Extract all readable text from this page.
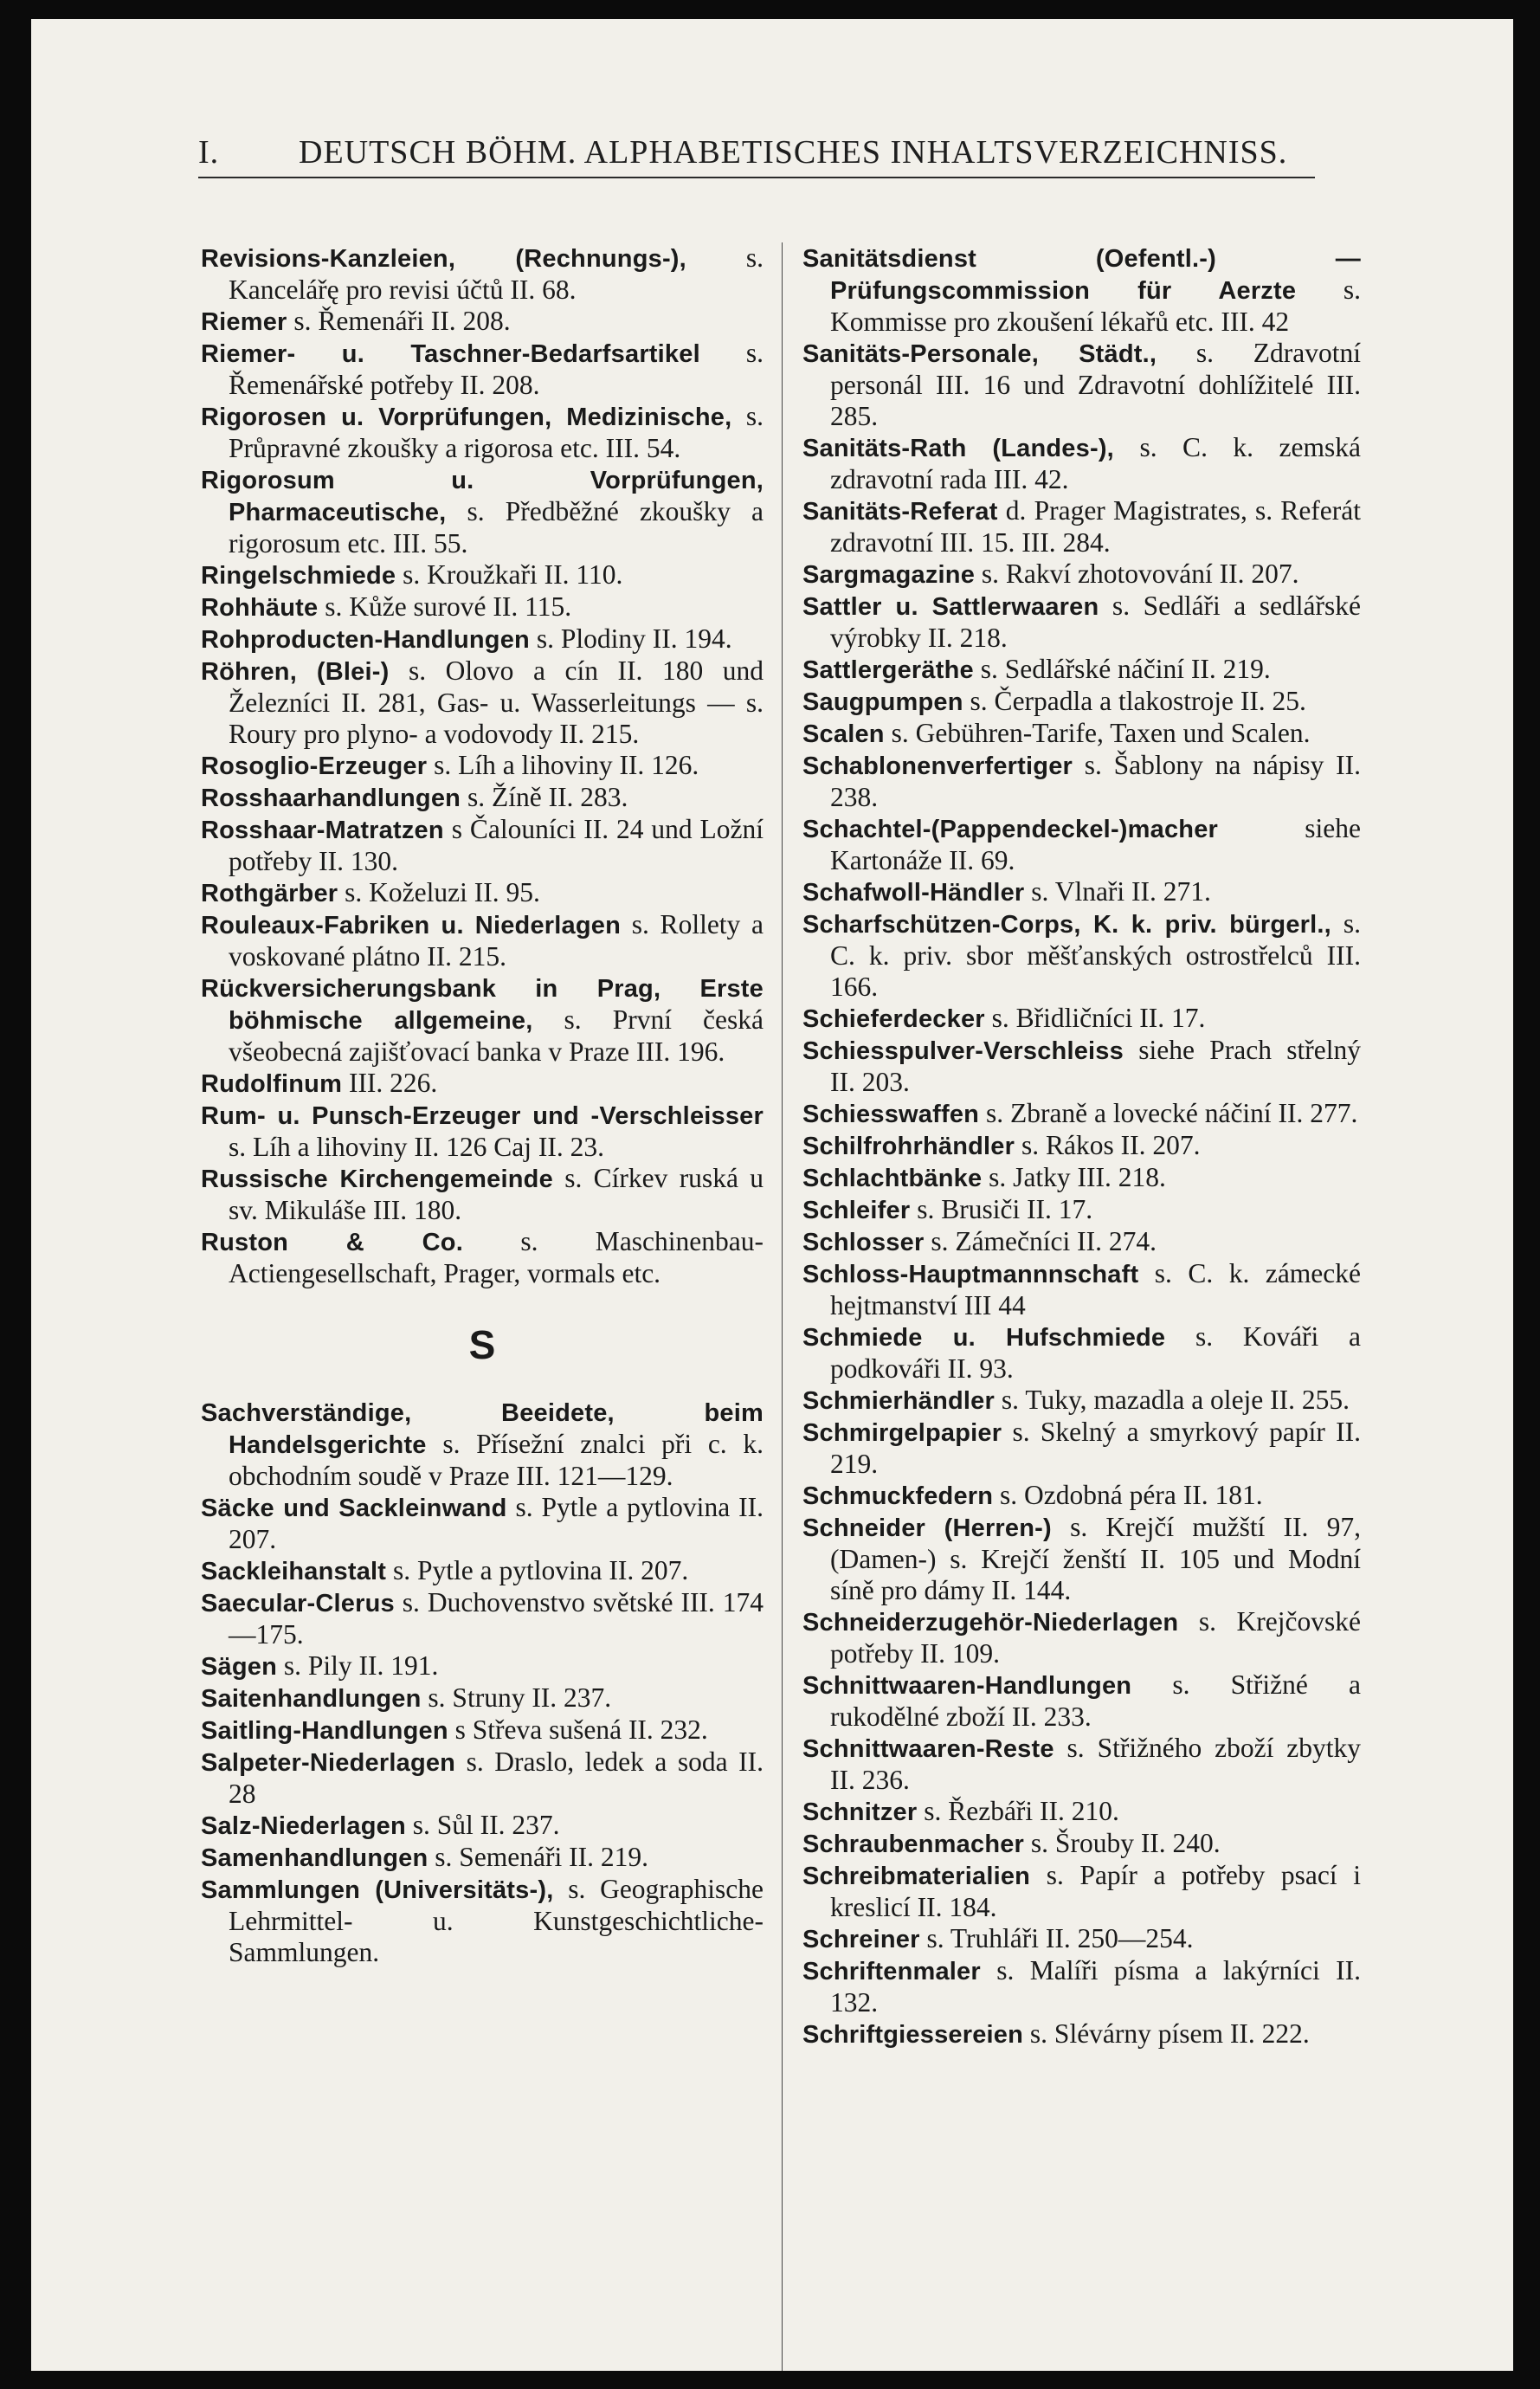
I. DEUTSCH BÖHM. ALPHABETISCHES INHALTSVERZEICHNISS.

Revisions-Kanzleien, (Rechnungs-), s. Kancelářę pro revisi účtů II. 68.

Riemer s. Řemenáři II. 208.

Riemer- u. Taschner-Bedarfsartikel s. Řemenářské potřeby II. 208.

Rigorosen u. Vorprüfungen, Medizinische, s. Průpravné zkoušky a rigorosa etc. III. 54.

Rigorosum u. Vorprüfungen, Pharmaceutische, s. Předběžné zkoušky a rigorosum etc. III. 55.

Ringelschmiede s. Kroužkaři II. 110.

Rohhäute s. Kůže surové II. 115.

Rohproducten-Handlungen s. Plodiny II. 194.

Röhren, (Blei-) s. Olovo a cín II. 180 und Železníci II. 281, Gas- u. Wasserleitungs — s. Roury pro plyno- a vodovody II. 215.

Rosoglio-Erzeuger s. Líh a lihoviny II. 126.

Rosshaarhandlungen s. Žíně II. 283.

Rosshaar-Matratzen s Čalouníci II. 24 und Ložní potřeby II. 130.

Rothgärber s. Koželuzi II. 95.

Rouleaux-Fabriken u. Niederlagen s. Rollety a voskované plátno II. 215.

Rückversicherungsbank in Prag, Erste böhmische allgemeine, s. První česká všeobecná zajišťovací banka v Praze III. 196.

Rudolfinum III. 226.

Rum- u. Punsch-Erzeuger und -Verschleisser s. Líh a lihoviny II. 126 Caj II. 23.

Russische Kirchengemeinde s. Církev ruská u sv. Mikuláše III. 180.

Ruston & Co. s. Maschinenbau-Actiengesellschaft, Prager, vormals etc.

S

Sachverständige, Beeidete, beim Handelsgerichte s. Přísežní znalci při c. k. obchodním soudě v Praze III. 121—129.

Säcke und Sackleinwand s. Pytle a pytlovina II. 207.

Sackleihanstalt s. Pytle a pytlovina II. 207.

Saecular-Clerus s. Duchovenstvo světské III. 174—175.

Sägen s. Pily II. 191.

Saitenhandlungen s. Struny II. 237.

Saitling-Handlungen s Střeva sušená II. 232.

Salpeter-Niederlagen s. Draslo, ledek a soda II. 28

Salz-Niederlagen s. Sůl II. 237.

Samenhandlungen s. Semenáři II. 219.

Sammlungen (Universitäts-), s. Geographische Lehrmittel- u. Kunstgeschichtliche-Sammlungen.

Sanitätsdienst (Oefentl.-) — Prüfungscommission für Aerzte s. Kommisse pro zkoušení lékařů etc. III. 42

Sanitäts-Personale, Städt., s. Zdravotní personál III. 16 und Zdravotní dohlížitelé III. 285.

Sanitäts-Rath (Landes-), s. C. k. zemská zdravotní rada III. 42.

Sanitäts-Referat d. Prager Magistrates, s. Referát zdravotní III. 15. III. 284.

Sargmagazine s. Rakví zhotovování II. 207.

Sattler u. Sattlerwaaren s. Sedláři a sedlářské výrobky II. 218.

Sattlergeräthe s. Sedlářské náčiní II. 219.

Saugpumpen s. Čerpadla a tlakostroje II. 25.

Scalen s. Gebühren-Tarife, Taxen und Scalen.

Schablonenverfertiger s. Šablony na nápisy II. 238.

Schachtel-(Pappendeckel-)macher siehe Kartonáže II. 69.

Schafwoll-Händler s. Vlnaři II. 271.

Scharfschützen-Corps, K. k. priv. bürgerl., s. C. k. priv. sbor měšťanských ostrostřelců III. 166.

Schieferdecker s. Břidličníci II. 17.

Schiesspulver-Verschleiss siehe Prach střelný II. 203.

Schiesswaffen s. Zbraně a lovecké náčiní II. 277.

Schilfrohrhändler s. Rákos II. 207.

Schlachtbänke s. Jatky III. 218.

Schleifer s. Brusiči II. 17.

Schlosser s. Zámečníci II. 274.

Schloss-Hauptmannnschaft s. C. k. zámecké hejtmanství III 44

Schmiede u. Hufschmiede s. Kováři a podkováři II. 93.

Schmierhändler s. Tuky, mazadla a oleje II. 255.

Schmirgelpapier s. Skelný a smyrkový papír II. 219.

Schmuckfedern s. Ozdobná péra II. 181.

Schneider (Herren-) s. Krejčí mužští II. 97, (Damen-) s. Krejčí ženští II. 105 und Modní síně pro dámy II. 144.

Schneiderzugehör-Niederlagen s. Krejčovské potřeby II. 109.

Schnittwaaren-Handlungen s. Střižné a rukodělné zboží II. 233.

Schnittwaaren-Reste s. Střižného zboží zbytky II. 236.

Schnitzer s. Řezbáři II. 210.

Schraubenmacher s. Šrouby II. 240.

Schreibmaterialien s. Papír a potřeby psací i kreslicí II. 184.

Schreiner s. Truhláři II. 250—254.

Schriftenmaler s. Malíři písma a lakýrníci II. 132.

Schriftgiessereien s. Slévárny písem II. 222.
